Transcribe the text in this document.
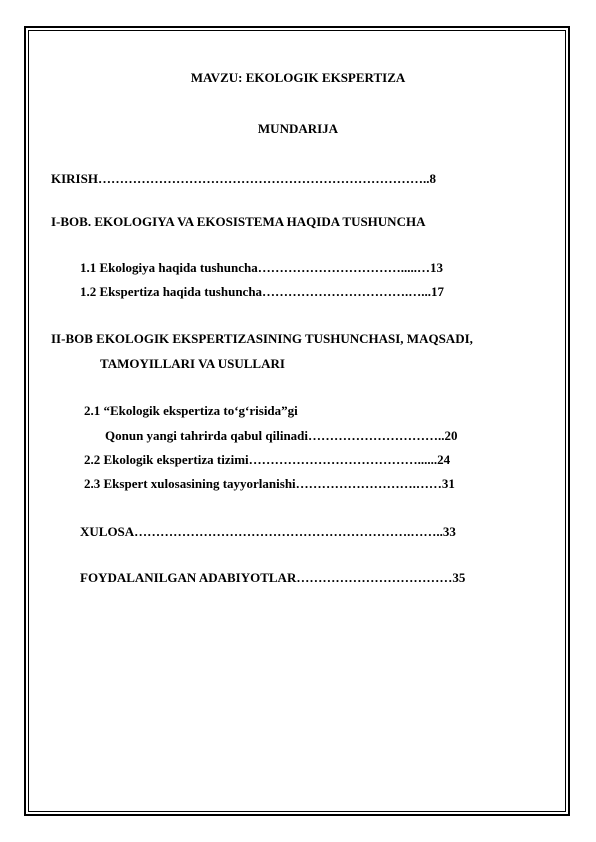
MAVZU: EKOLOGIK EKSPERTIZA
MUNDARIJA
KIRISH…………………………………………………………………..8
I-BOB. EKOLOGIYA VA EKOSISTEMA HAQIDA TUSHUNCHA
1.1 Ekologiya haqida tushuncha…………………………….....…13
1.2 Ekspertiza haqida tushuncha…………………………….…...17
II-BOB EKOLOGIK EKSPERTIZASINING TUSHUNCHASI, MAQSADI,
TAMOYILLARI VA USULLARI
2.1 “Ekologik ekspertiza to‘g‘risida”gi
Qonun yangi tahrirda qabul qilinadi…………………………..20
2.2 Ekologik ekspertiza tizimi…………………………………......24
2.3 Ekspert xulosasining tayyorlanishi……………………….……31
XULOSA……………………………………………………….……..33
FOYDALANILGAN ADABIYOTLAR………………………………35
